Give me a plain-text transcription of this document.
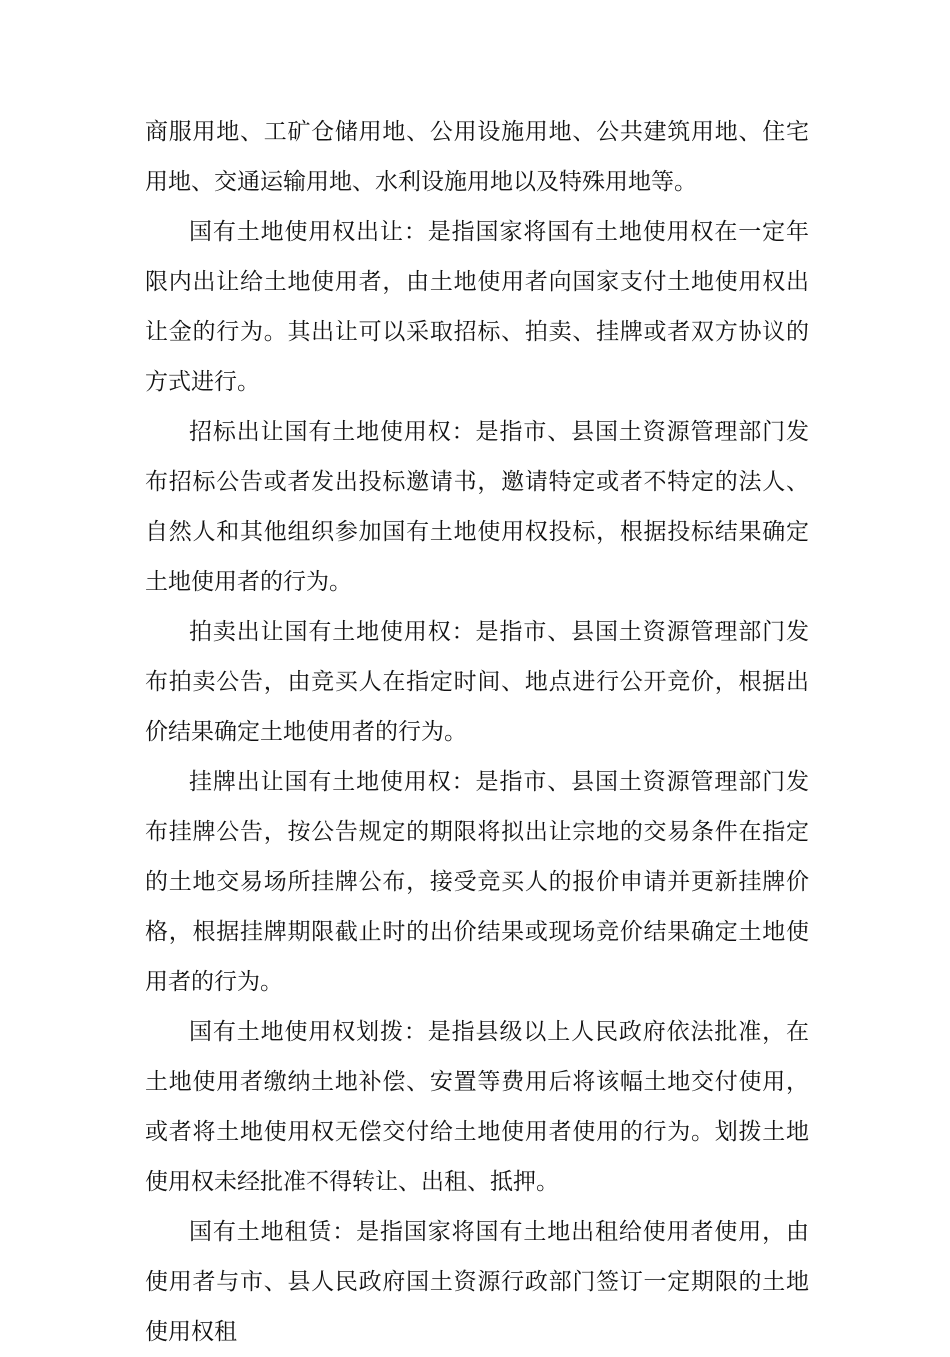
商服用地、工矿仓储用地、公用设施用地、公共建筑用地、住宅用地、交通运输用地、水利设施用地以及特殊用地等。

国有土地使用权出让：是指国家将国有土地使用权在一定年限内出让给土地使用者，由土地使用者向国家支付土地使用权出让金的行为。其出让可以采取招标、拍卖、挂牌或者双方协议的方式进行。

招标出让国有土地使用权：是指市、县国土资源管理部门发布招标公告或者发出投标邀请书，邀请特定或者不特定的法人、自然人和其他组织参加国有土地使用权投标，根据投标结果确定土地使用者的行为。

拍卖出让国有土地使用权：是指市、县国土资源管理部门发布拍卖公告，由竞买人在指定时间、地点进行公开竞价，根据出价结果确定土地使用者的行为。

挂牌出让国有土地使用权：是指市、县国土资源管理部门发布挂牌公告，按公告规定的期限将拟出让宗地的交易条件在指定的土地交易场所挂牌公布，接受竞买人的报价申请并更新挂牌价格，根据挂牌期限截止时的出价结果或现场竞价结果确定土地使用者的行为。

国有土地使用权划拨：是指县级以上人民政府依法批准，在土地使用者缴纳土地补偿、安置等费用后将该幅土地交付使用，或者将土地使用权无偿交付给土地使用者使用的行为。划拨土地使用权未经批准不得转让、出租、抵押。

国有土地租赁：是指国家将国有土地出租给使用者使用，由使用者与市、县人民政府国土资源行政部门签订一定期限的土地使用权租
